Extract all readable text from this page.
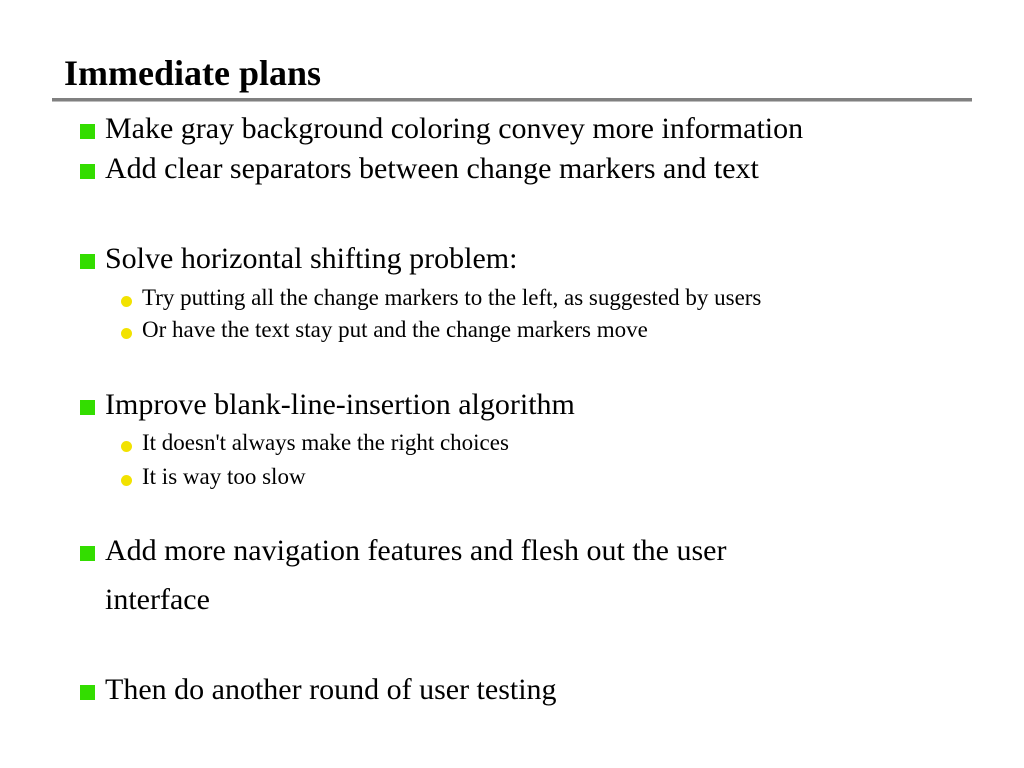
Immediate plans
Make gray background coloring convey more information
Add clear separators between change markers and text
Solve horizontal shifting problem:
Try putting all the change markers to the left, as suggested by users
Or have the text stay put and the change markers move
Improve blank-line-insertion algorithm
It doesn't always make the right choices
It is way too slow
Add more navigation features and flesh out the user
interface
Then do another round of user testing
